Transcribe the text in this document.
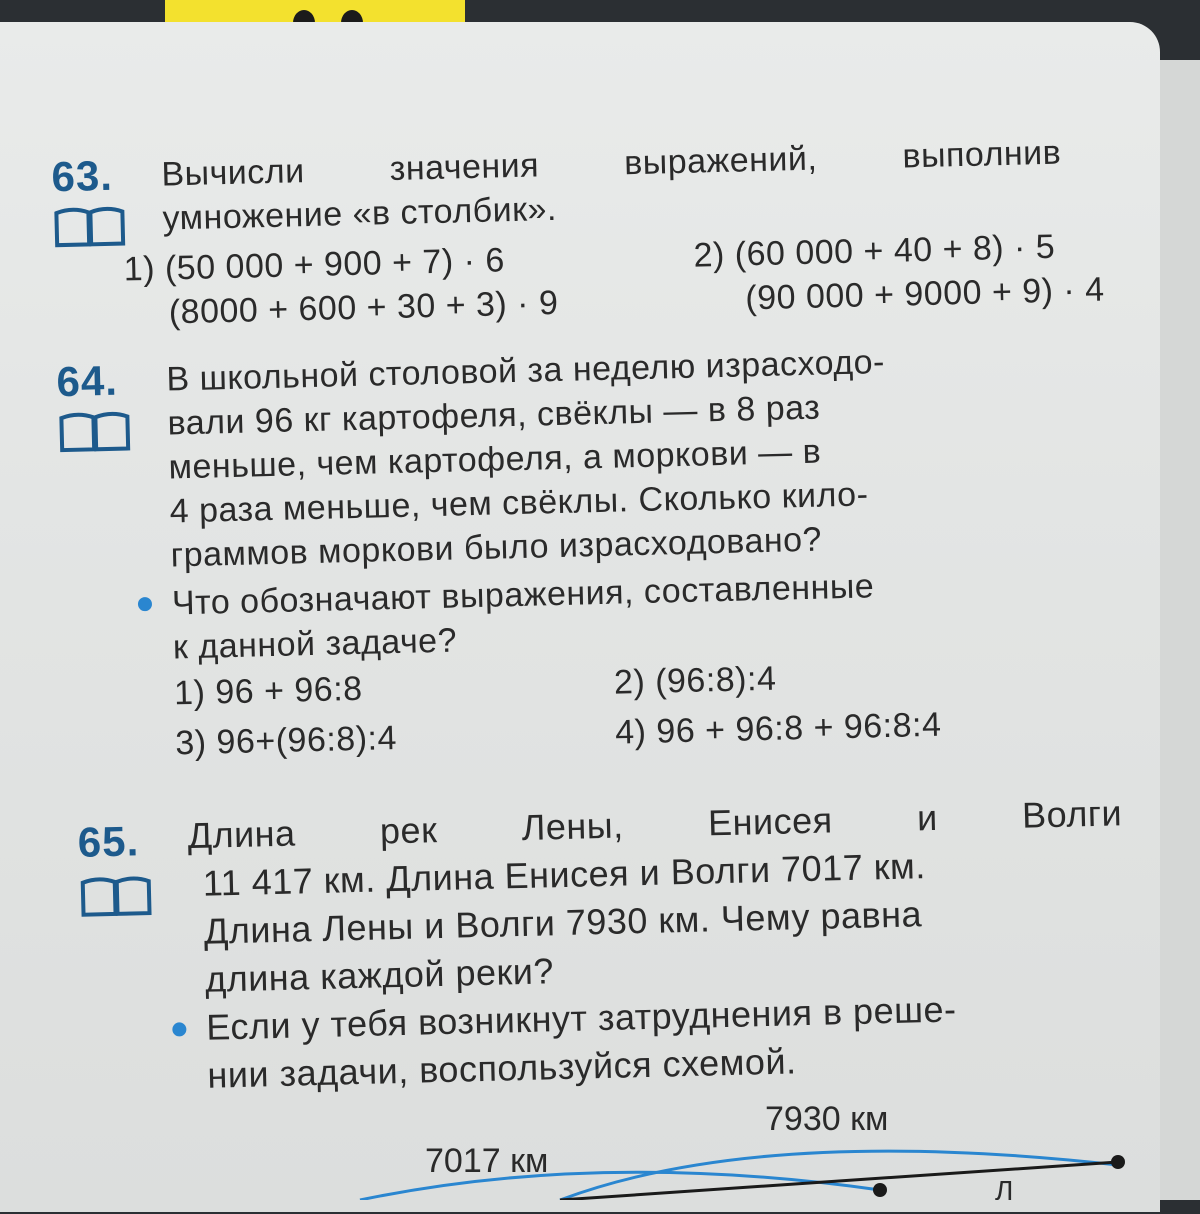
63. Вычисли значения выражений, выполнив
умножение «в столбик».
1) (50 000 + 900 + 7) · 6	2) (60 000 + 40 + 8) · 5
(8000 + 600 + 30 + 3) · 9	(90 000 + 9000 + 9) · 4
64. В школьной столовой за неделю израсходо-
вали 96 кг картофеля, свёклы — в 8 раз
меньше, чем картофеля, а моркови — в
4 раза меньше, чем свёклы. Сколько кило-
граммов моркови было израсходовано?
Что обозначают выражения, составленные
к данной задаче?
1) 96 + 96:8	2) (96:8):4
3) 96+(96:8):4	4) 96 + 96:8 + 96:8:4
65. Длина рек Лены, Енисея и Волги
11 417 км. Длина Енисея и Волги 7017 км.
Длина Лены и Волги 7930 км. Чему равна
длина каждой реки?
Если у тебя возникнут затруднения в реше-
нии задачи, воспользуйся схемой.
7930 км
7017 км
Л
